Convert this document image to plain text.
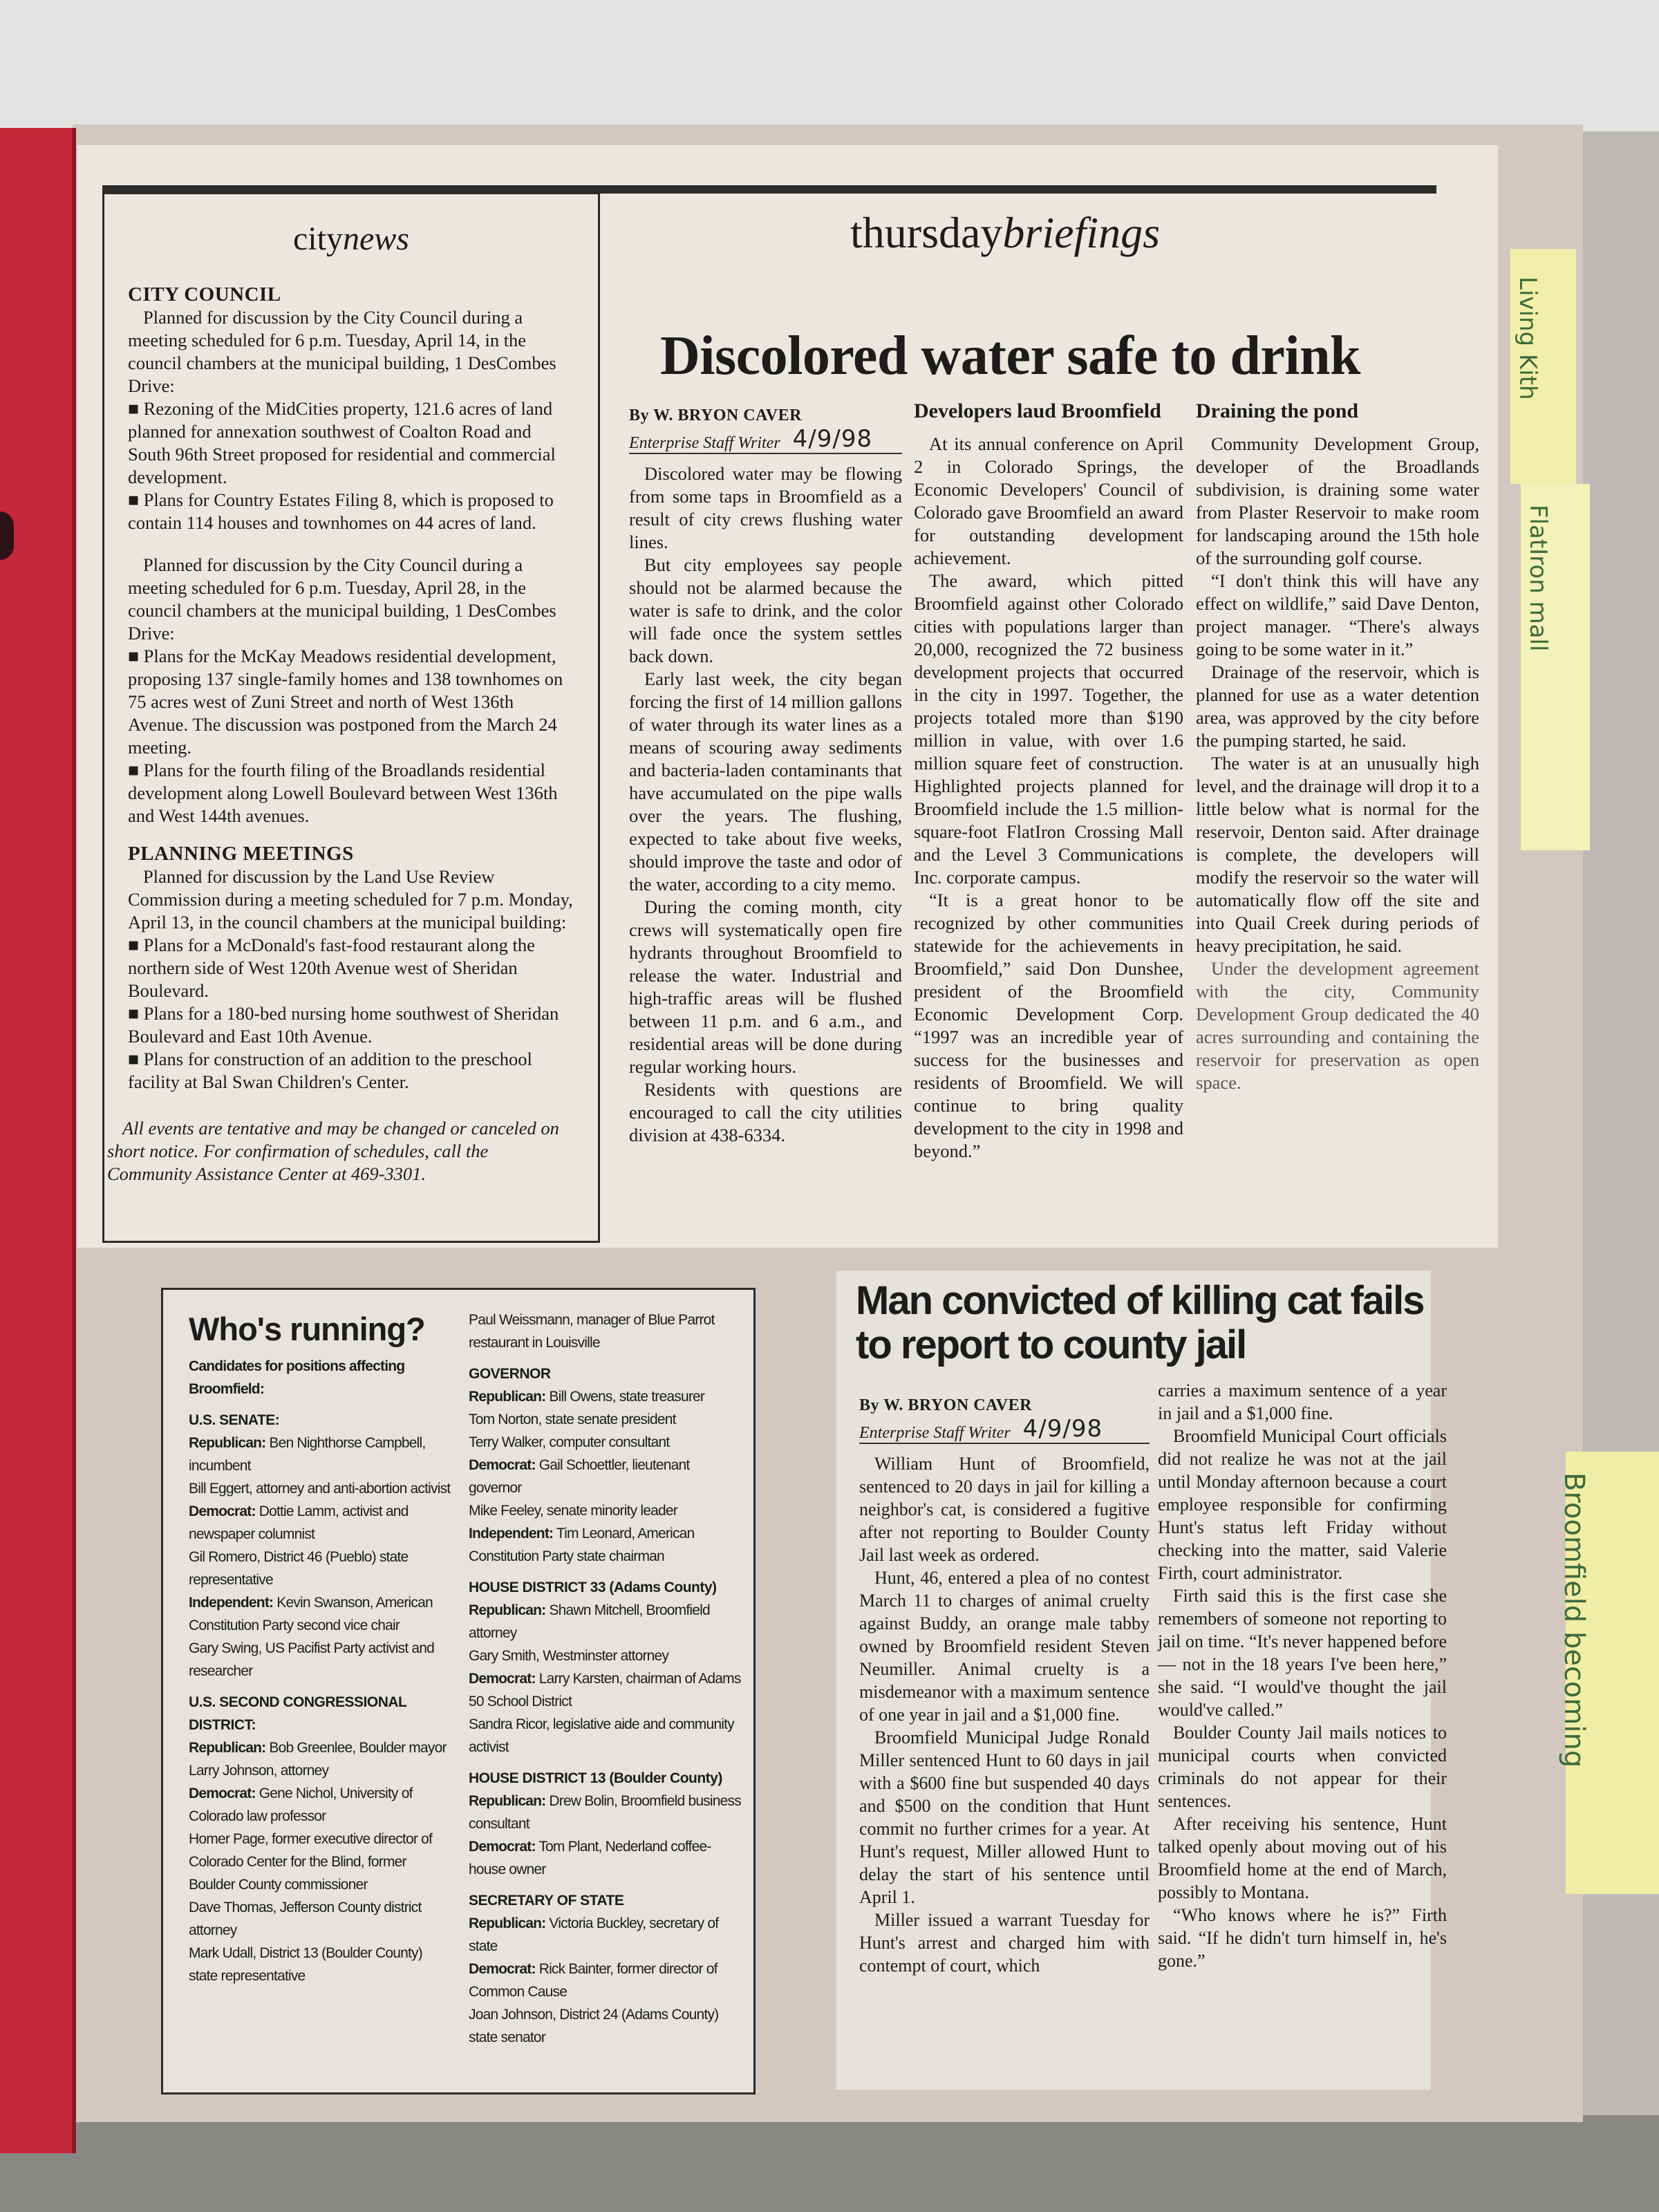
Living Kith
FlatIron mall
Broomfield becoming
citynews
CITY COUNCIL

Planned for discussion by the City Council during a meeting scheduled for 6 p.m. Tuesday, April 14, in the council chambers at the municipal building, 1 DesCombes Drive:

■ Rezoning of the MidCities property, 121.6 acres of land planned for annexation southwest of Coalton Road and South 96th Street proposed for residential and commercial development.

■ Plans for Country Estates Filing 8, which is proposed to contain 114 houses and townhomes on 44 acres of land.

Planned for discussion by the City Council during a meeting scheduled for 6 p.m. Tuesday, April 28, in the council chambers at the municipal building, 1 DesCombes Drive:

■ Plans for the McKay Meadows residential development, proposing 137 single-family homes and 138 townhomes on 75 acres west of Zuni Street and north of West 136th Avenue. The discussion was postponed from the March 24 meeting.

■ Plans for the fourth filing of the Broadlands residential development along Lowell Boulevard between West 136th and West 144th avenues.

PLANNING MEETINGS

Planned for discussion by the Land Use Review Commission during a meeting scheduled for 7 p.m. Monday, April 13, in the council chambers at the municipal building:

■ Plans for a McDonald's fast-food restaurant along the northern side of West 120th Avenue west of Sheridan Boulevard.

■ Plans for a 180-bed nursing home southwest of Sheridan Boulevard and East 10th Avenue.

■ Plans for construction of an addition to the preschool facility at Bal Swan Children's Center.

All events are tentative and may be changed or canceled on short notice. For confirmation of schedules, call the Community Assistance Center at 469-3301.

thursdaybriefings
Discolored water safe to drink
By W. BRYON CAVER
Enterprise Staff Writer 4/9/98

Discolored water may be flowing from some taps in Broomfield as a result of city crews flushing water lines.

But city employees say people should not be alarmed because the water is safe to drink, and the color will fade once the system settles back down.

Early last week, the city began forcing the first of 14 million gallons of water through its water lines as a means of scouring away sediments and bacteria-laden contaminants that have accumulated on the pipe walls over the years. The flushing, expected to take about five weeks, should improve the taste and odor of the water, according to a city memo.

During the coming month, city crews will systematically open fire hydrants throughout Broomfield to release the water. Industrial and high-traffic areas will be flushed between 11 p.m. and 6 a.m., and residential areas will be done during regular working hours.

Residents with questions are encouraged to call the city utilities division at 438-6334.

Developers laud Broomfield

At its annual conference on April 2 in Colorado Springs, the Economic Developers' Council of Colorado gave Broomfield an award for outstanding development achievement.

The award, which pitted Broomfield against other Colorado cities with populations larger than 20,000, recognized the 72 business development projects that occurred in the city in 1997. Together, the projects totaled more than $190 million in value, with over 1.6 million square feet of construction. Highlighted projects planned for Broomfield include the 1.5 million-square-foot FlatIron Crossing Mall and the Level 3 Communications Inc. corporate campus.

“It is a great honor to be recognized by other communities statewide for the achievements in Broomfield,” said Don Dunshee, president of the Broomfield Economic Development Corp. “1997 was an incredible year of success for the businesses and residents of Broomfield. We will continue to bring quality development to the city in 1998 and beyond.”

Draining the pond

Community Development Group, developer of the Broadlands subdivision, is draining some water from Plaster Reservoir to make room for landscaping around the 15th hole of the surrounding golf course.

“I don't think this will have any effect on wildlife,” said Dave Denton, project manager. “There's always going to be some water in it.”

Drainage of the reservoir, which is planned for use as a water detention area, was approved by the city before the pumping started, he said.

The water is at an unusually high level, and the drainage will drop it to a little below what is normal for the reservoir, Denton said. After drainage is complete, the developers will modify the reservoir so the water will automatically flow off the site and into Quail Creek during periods of heavy precipitation, he said.

Under the development agreement with the city, Community Development Group dedicated the 40 acres surrounding and containing the reservoir for preservation as open space.

Who's running?
Candidates for positions affecting Broomfield:
U.S. SENATE:
Republican: Ben Nighthorse Campbell, incumbent
Bill Eggert, attorney and anti-abortion activist
Democrat: Dottie Lamm, activist and newspaper columnist
Gil Romero, District 46 (Pueblo) state representative
Independent: Kevin Swanson, American Constitution Party second vice chair
Gary Swing, US Pacifist Party activist and researcher
U.S. SECOND CONGRESSIONAL DISTRICT:
Republican: Bob Greenlee, Boulder mayor
Larry Johnson, attorney
Democrat: Gene Nichol, University of Colorado law professor
Homer Page, former executive director of Colorado Center for the Blind, former Boulder County commissioner
Dave Thomas, Jefferson County district attorney
Mark Udall, District 13 (Boulder County) state representative
Paul Weissmann, manager of Blue Parrot restaurant in Louisville
GOVERNOR
Republican: Bill Owens, state treasurer
Tom Norton, state senate president
Terry Walker, computer consultant
Democrat: Gail Schoettler, lieutenant governor
Mike Feeley, senate minority leader
Independent: Tim Leonard, American Constitution Party state chairman
HOUSE DISTRICT 33 (Adams County)
Republican: Shawn Mitchell, Broomfield attorney
Gary Smith, Westminster attorney
Democrat: Larry Karsten, chairman of Adams 50 School District
Sandra Ricor, legislative aide and community activist
HOUSE DISTRICT 13 (Boulder County)
Republican: Drew Bolin, Broomfield business consultant
Democrat: Tom Plant, Nederland coffee-house owner
SECRETARY OF STATE
Republican: Victoria Buckley, secretary of state
Democrat: Rick Bainter, former director of Common Cause
Joan Johnson, District 24 (Adams County) state senator
Man convicted of killing cat fails to report to county jail
By W. BRYON CAVER
Enterprise Staff Writer 4/9/98

William Hunt of Broomfield, sentenced to 20 days in jail for killing a neighbor's cat, is considered a fugitive after not reporting to Boulder County Jail last week as ordered.

Hunt, 46, entered a plea of no contest March 11 to charges of animal cruelty against Buddy, an orange male tabby owned by Broomfield resident Steven Neumiller. Animal cruelty is a misdemeanor with a maximum sentence of one year in jail and a $1,000 fine.

Broomfield Municipal Judge Ronald Miller sentenced Hunt to 60 days in jail with a $600 fine but suspended 40 days and $500 on the condition that Hunt commit no further crimes for a year. At Hunt's request, Miller allowed Hunt to delay the start of his sentence until April 1.

Miller issued a warrant Tuesday for Hunt's arrest and charged him with contempt of court, which

carries a maximum sentence of a year in jail and a $1,000 fine.

Broomfield Municipal Court officials did not realize he was not at the jail until Monday afternoon because a court employee responsible for confirming Hunt's status left Friday without checking into the matter, said Valerie Firth, court administrator.

Firth said this is the first case she remembers of someone not reporting to jail on time. “It's never happened before — not in the 18 years I've been here,” she said. “I would've thought the jail would've called.”

Boulder County Jail mails notices to municipal courts when convicted criminals do not appear for their sentences.

After receiving his sentence, Hunt talked openly about moving out of his Broomfield home at the end of March, possibly to Montana.

“Who knows where he is?” Firth said. “If he didn't turn himself in, he's gone.”
